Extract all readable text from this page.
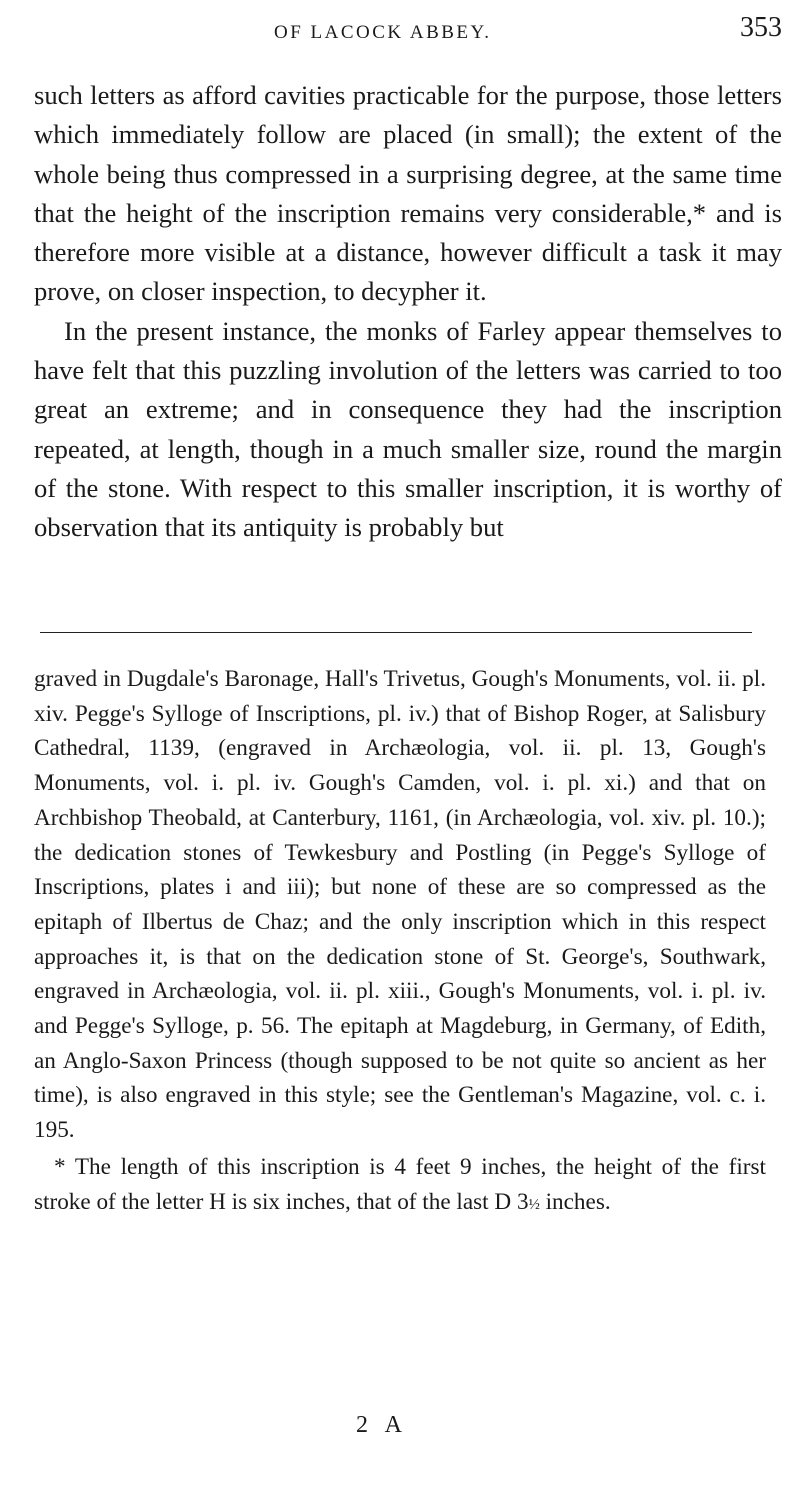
OF LACOCK ABBEY.	353

such letters as afford cavities practicable for the purpose, those letters which immediately follow are placed (in small); the extent of the whole being thus compressed in a surprising degree, at the same time that the height of the inscription remains very considerable,* and is therefore more visible at a distance, however difficult a task it may prove, on closer inspection, to decypher it.

In the present instance, the monks of Farley appear themselves to have felt that this puzzling involution of the letters was carried to too great an extreme; and in consequence they had the inscription repeated, at length, though in a much smaller size, round the margin of the stone. With respect to this smaller inscription, it is worthy of observation that its antiquity is probably but

graved in Dugdale's Baronage, Hall's Trivetus, Gough's Monuments, vol. ii. pl. xiv. Pegge's Sylloge of Inscriptions, pl. iv.) that of Bishop Roger, at Salisbury Cathedral, 1139, (engraved in Archæologia, vol. ii. pl. 13, Gough's Monuments, vol. i. pl. iv. Gough's Camden, vol. i. pl. xi.) and that on Archbishop Theobald, at Canterbury, 1161, (in Archæologia, vol. xiv. pl. 10.); the dedication stones of Tewkesbury and Postling (in Pegge's Sylloge of Inscriptions, plates i and iii); but none of these are so compressed as the epitaph of Ilbertus de Chaz; and the only inscription which in this respect approaches it, is that on the dedication stone of St. George's, Southwark, engraved in Archæologia, vol. ii. pl. xiii., Gough's Monuments, vol. i. pl. iv. and Pegge's Sylloge, p. 56. The epitaph at Magdeburg, in Germany, of Edith, an Anglo-Saxon Princess (though supposed to be not quite so ancient as her time), is also engraved in this style; see the Gentleman's Magazine, vol. c. i. 195.

* The length of this inscription is 4 feet 9 inches, the height of the first stroke of the letter H is six inches, that of the last D 3½ inches.

2 A
